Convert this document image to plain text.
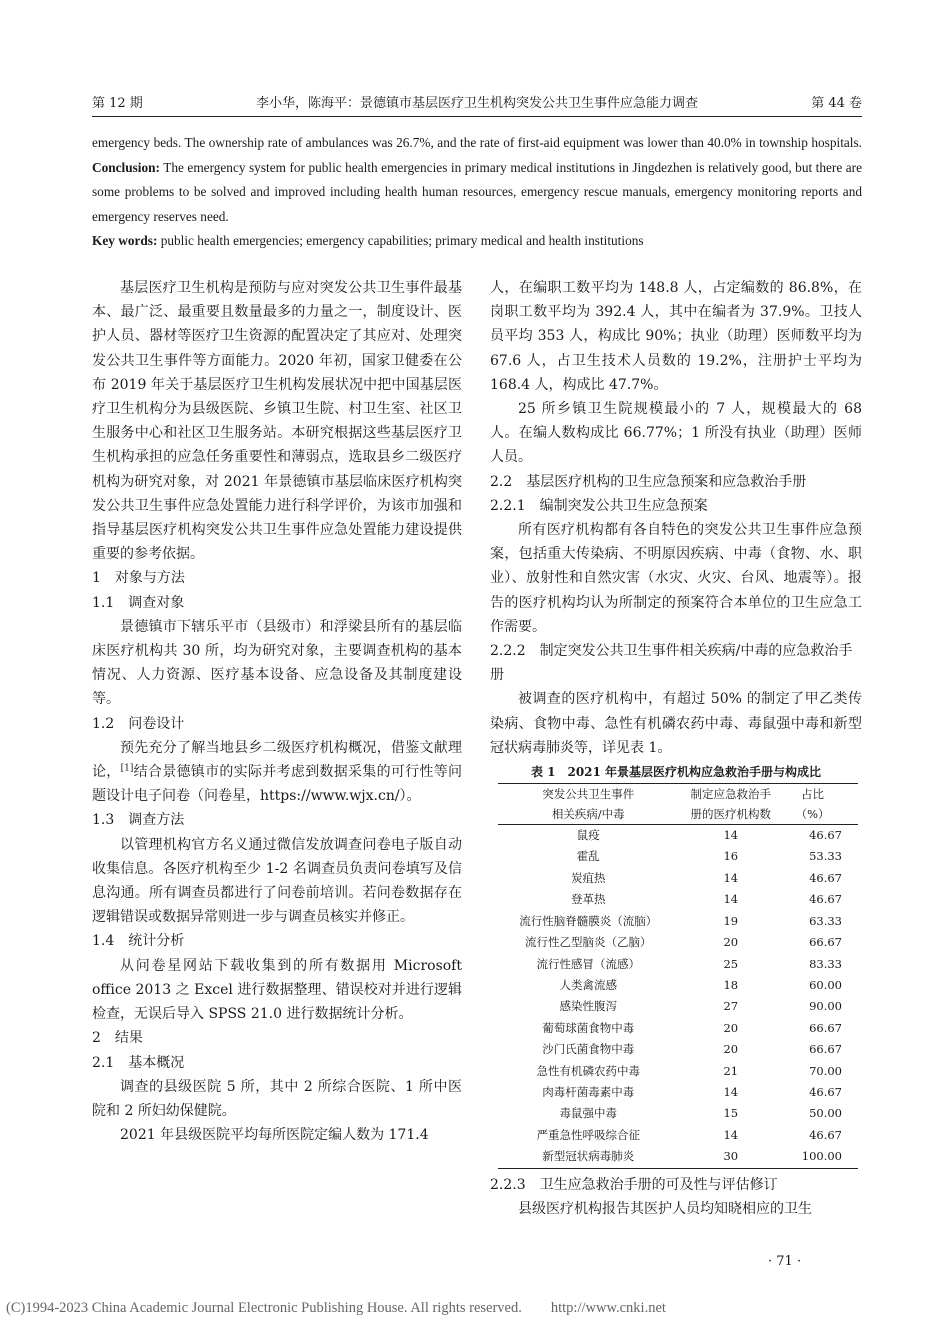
第 12 期	李小华，陈海平：景德镇市基层医疗卫生机构突发公共卫生事件应急能力调查	第 44 卷
emergency beds. The ownership rate of ambulances was 26.7%, and the rate of first-aid equipment was lower than 40.0% in township hospitals. Conclusion: The emergency system for public health emergencies in primary medical institutions in Jingdezhen is relatively good, but there are some problems to be solved and improved including health human resources, emergency rescue manuals, emergency monitoring reports and emergency reserves need.
Key words: public health emergencies; emergency capabilities; primary medical and health institutions

基层医疗卫生机构是预防与应对突发公共卫生事件最基本、最广泛、最重要且数量最多的力量之一，制度设计、医护人员、器材等医疗卫生资源的配置决定了其应对、处理突发公共卫生事件等方面能力。2020 年初，国家卫健委在公布 2019 年关于基层医疗卫生机构发展状况中把中国基层医疗卫生机构分为县级医院、乡镇卫生院、村卫生室、社区卫生服务中心和社区卫生服务站。本研究根据这些基层医疗卫生机构承担的应急任务重要性和薄弱点，选取县乡二级医疗机构为研究对象，对 2021 年景德镇市基层临床医疗机构突发公共卫生事件应急处置能力进行科学评价，为该市加强和指导基层医疗机构突发公共卫生事件应急处置能力建设提供重要的参考依据。

1　对象与方法

1.1　调查对象

景德镇市下辖乐平市（县级市）和浮梁县所有的基层临床医疗机构共 30 所，均为研究对象，主要调查机构的基本情况、人力资源、医疗基本设备、应急设备及其制度建设等。

1.2　问卷设计

预先充分了解当地县乡二级医疗机构概况，借鉴文献理论，[1]结合景德镇市的实际并考虑到数据采集的可行性等问题设计电子问卷（问卷星，https://www.wjx.cn/）。

1.3　调查方法

以管理机构官方名义通过微信发放调查问卷电子版自动收集信息。各医疗机构至少 1-2 名调查员负责问卷填写及信息沟通。所有调查员都进行了问卷前培训。若问卷数据存在逻辑错误或数据异常则进一步与调查员核实并修正。

1.4　统计分析

从问卷星网站下载收集到的所有数据用 Microsoft office 2013 之 Excel 进行数据整理、错误校对并进行逻辑检查，无误后导入 SPSS 21.0 进行数据统计分析。

2　结果

2.1　基本概况

调查的县级医院 5 所，其中 2 所综合医院、1 所中医院和 2 所妇幼保健院。

2021 年县级医院平均每所医院定编人数为 171.4

人，在编职工数平均为 148.8 人，占定编数的 86.8%，在岗职工数平均为 392.4 人，其中在编者为 37.9%。卫技人员平均 353 人，构成比 90%；执业（助理）医师数平均为 67.6 人，占卫生技术人员数的 19.2%，注册护士平均为 168.4 人，构成比 47.7%。

25 所乡镇卫生院规模最小的 7 人，规模最大的 68 人。在编人数构成比 66.77%；1 所没有执业（助理）医师人员。

2.2　基层医疗机构的卫生应急预案和应急救治手册

2.2.1　编制突发公共卫生应急预案

所有医疗机构都有各自特色的突发公共卫生事件应急预案，包括重大传染病、不明原因疾病、中毒（食物、水、职业）、放射性和自然灾害（水灾、火灾、台风、地震等）。报告的医疗机构均认为所制定的预案符合本单位的卫生应急工作需要。

2.2.2　制定突发公共卫生事件相关疾病/中毒的应急救治手册

被调查的医疗机构中，有超过 50% 的制定了甲乙类传染病、食物中毒、急性有机磷农药中毒、毒鼠强中毒和新型冠状病毒肺炎等，详见表 1。

表 1　2021 年景基层医疗机构应急救治手册与构成比
突发公共卫生事件	制定应急救治手	占比
相关疾病/中毒	册的医疗机构数	（%）
鼠疫	14	46.67
霍乱	16	53.33
炭疽热	14	46.67
登革热	14	46.67
流行性脑脊髓膜炎（流脑）	19	63.33
流行性乙型脑炎（乙脑）	20	66.67
流行性感冒（流感）	25	83.33
人类禽流感	18	60.00
感染性腹泻	27	90.00
葡萄球菌食物中毒	20	66.67
沙门氏菌食物中毒	20	66.67
急性有机磷农药中毒	21	70.00
肉毒杆菌毒素中毒	14	46.67
毒鼠强中毒	15	50.00
严重急性呼吸综合征	14	46.67
新型冠状病毒肺炎	30	100.00

2.2.3　卫生应急救治手册的可及性与评估修订

县级医疗机构报告其医护人员均知晓相应的卫生

· 71 ·
(C)1994-2023 China Academic Journal Electronic Publishing House. All rights reserved.　　http://www.cnki.net
